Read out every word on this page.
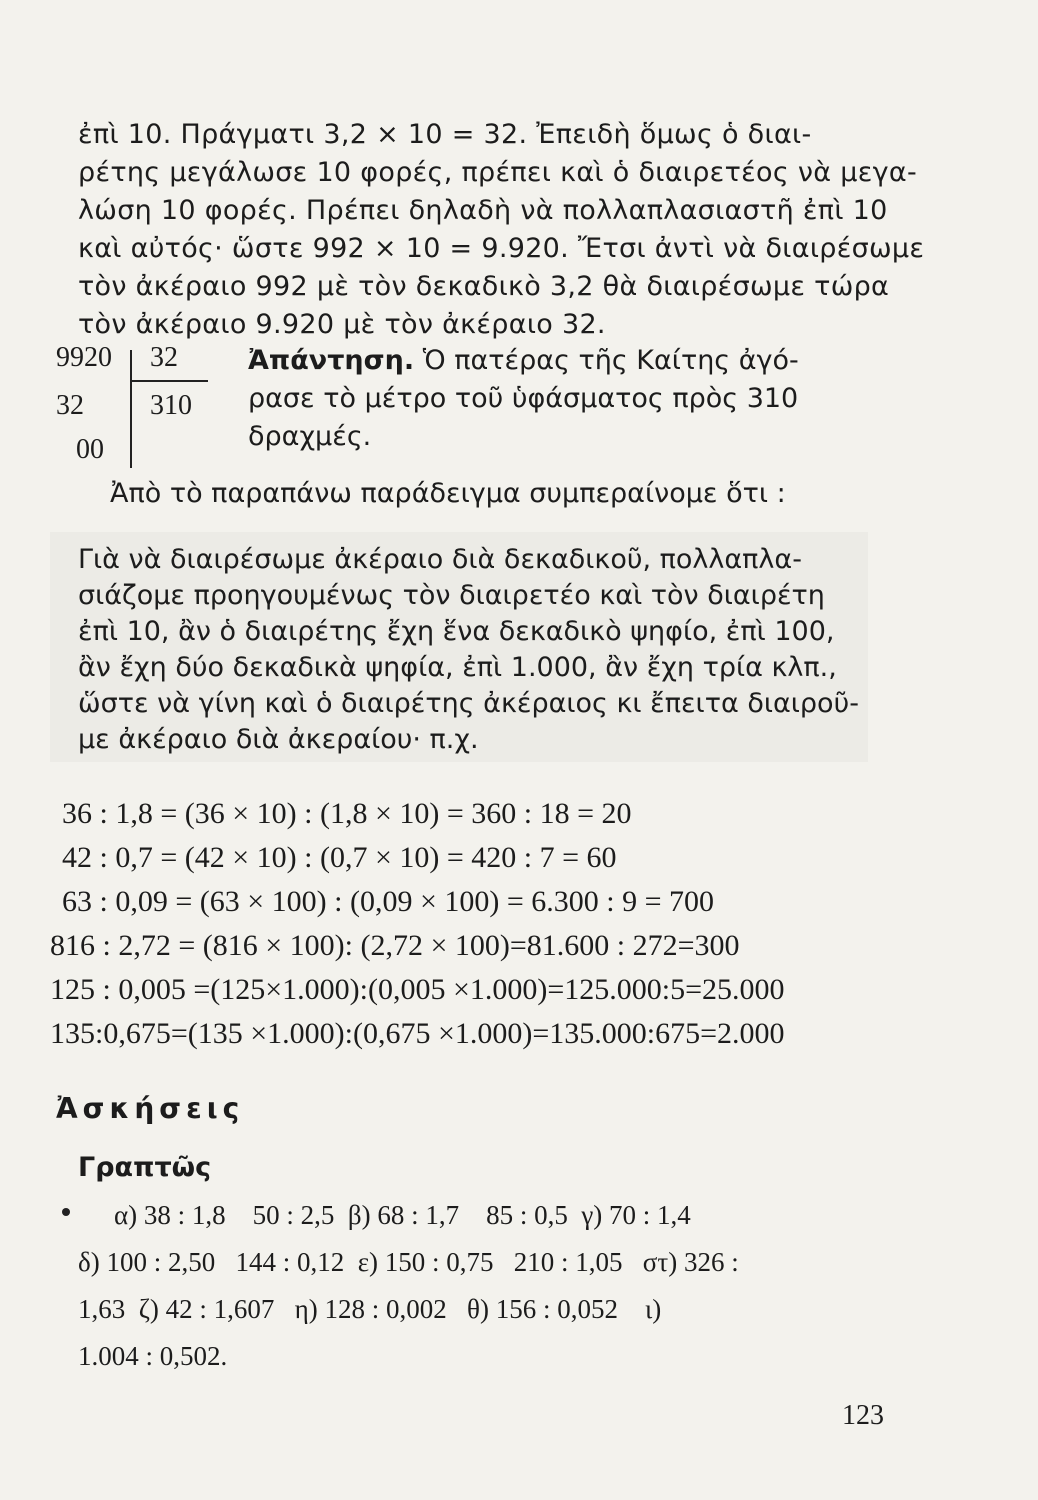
ἐπὶ 10. Πράγματι 3,2 × 10 = 32. Ἐπειδὴ ὅμως ὁ διαι-
ρέτης μεγάλωσε 10 φορές, πρέπει καὶ ὁ διαιρετέος νὰ μεγα-
λώση 10 φορές. Πρέπει δηλαδὴ νὰ πολλαπλασιαστῆ ἐπὶ 10
καὶ αὐτός· ὥστε 992 × 10 = 9.920. Ἔτσι ἀντὶ νὰ διαιρέσωμε
τὸν ἀκέραιο 992 μὲ τὸν δεκαδικὸ 3,2 θὰ διαιρέσωμε τώρα
τὸν ἀκέραιο 9.920 μὲ τὸν ἀκέραιο 32.
9920 32
32 310
00
Ἀπάντηση. Ὁ πατέρας τῆς Καίτης ἀγό-
ρασε τὸ μέτρο τοῦ ὑφάσματος πρὸς 310
δραχμές.
Ἀπὸ τὸ παραπάνω παράδειγμα συμπεραίνομε ὅτι :
Γιὰ νὰ διαιρέσωμε ἀκέραιο διὰ δεκαδικοῦ, πολλαπλα-
σιάζομε προηγουμένως τὸν διαιρετέο καὶ τὸν διαιρέτη
ἐπὶ 10, ἂν ὁ διαιρέτης ἔχη ἕνα δεκαδικὸ ψηφίο, ἐπὶ 100,
ἂν ἔχη δύο δεκαδικὰ ψηφία, ἐπὶ 1.000, ἂν ἔχη τρία κλπ.,
ὥστε νὰ γίνη καὶ ὁ διαιρέτης ἀκέραιος κι ἔπειτα διαιροῦ-
με ἀκέραιο διὰ ἀκεραίου· π.χ.
36 : 1,8 = (36 × 10) : (1,8 × 10) = 360 : 18 = 20
42 : 0,7 = (42 × 10) : (0,7 × 10) = 420 : 7 = 60
63 : 0,09 = (63 × 100) : (0,09 × 100) = 6.300 : 9 = 700
816 : 2,72 = (816 × 100): (2,72 × 100)=81.600 : 272=300
125 : 0,005 =(125×1.000):(0,005 ×1.000)=125.000:5=25.000
135:0,675=(135 ×1.000):(0,675 ×1.000)=135.000:675=2.000
Ἀσκήσεις
Γραπτῶς
α) 38 : 1,8    50 : 2,5  β) 68 : 1,7    85 : 0,5  γ) 70 : 1,4
δ) 100 : 2,50   144 : 0,12  ε) 150 : 0,75   210 : 1,05   στ) 326 :
1,63  ζ) 42 : 1,607   η) 128 : 0,002   θ) 156 : 0,052    ι)
1.004 : 0,502.
123
